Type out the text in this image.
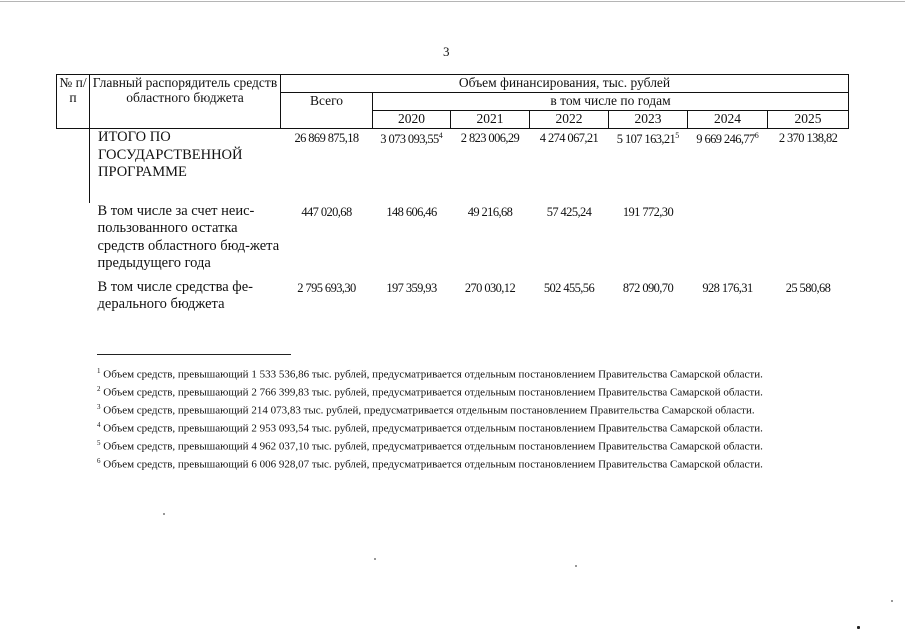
3
№ п/п	Главный распорядитель средств областного бюджета	Объем финансирования, тыс. рублей						
		Всего	в том числе по годам					
			2020	2021	2022	2023	2024	2025
	ИТОГО ПО ГОСУДАРСТВЕННОЙ ПРОГРАММЕ	26 869 875,18	3 073 093,55$^4$	2 823 006,29	4 274 067,21	5 107 163,21$^5$	9 669 246,77$^6$	2 370 138,82
	В том числе за счет неис-пользованного остатка средств областного бюд-жета предыдущего года	447 020,68	148 606,46	49 216,68	57 425,24	191 772,30		
	В том числе средства фе-дерального бюджета	2 795 693,30	197 359,93	270 030,12	502 455,56	872 090,70	928 176,31	25 580,68
$^1$ Объем средств, превышающий 1 533 536,86 тыс. рублей, предусматривается отдельным постановлением Правительства Самарской области.
$^2$ Объем средств, превышающий 2 766 399,83 тыс. рублей, предусматривается отдельным постановлением Правительства Самарской области.
$^3$ Объем средств, превышающий 214 073,83 тыс. рублей, предусматривается отдельным постановлением Правительства Самарской области.
$^4$ Объем средств, превышающий 2 953 093,54 тыс. рублей, предусматривается отдельным постановлением Правительства Самарской области.
$^5$ Объем средств, превышающий 4 962 037,10 тыс. рублей, предусматривается отдельным постановлением Правительства Самарской области.
$^6$ Объем средств, превышающий 6 006 928,07 тыс. рублей, предусматривается отдельным постановлением Правительства Самарской области.
